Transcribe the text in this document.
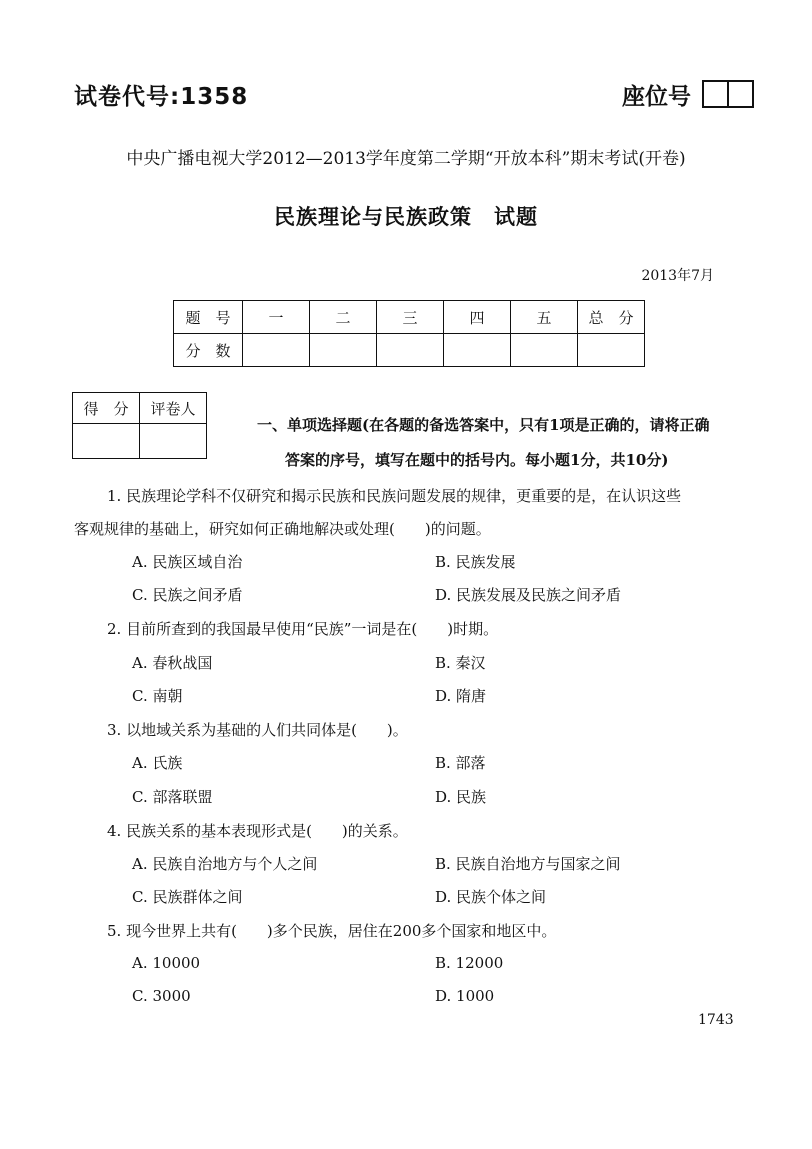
试卷代号:1358	座位号
中央广播电视大学2012—2013学年度第二学期“开放本科”期末考试(开卷)
民族理论与民族政策　试题
2013年7月
题　号	一	二	三	四	五	总　分
分　数						
得　分	评卷人

一、单项选择题(在各题的备选答案中，只有1项是正确的，请将正确
答案的序号，填写在题中的括号内。每小题1分，共10分)
1. 民族理论学科不仅研究和揭示民族和民族问题发展的规律，更重要的是，在认识这些
客观规律的基础上，研究如何正确地解决或处理(　　)的问题。
A. 民族区域自治	B. 民族发展
C. 民族之间矛盾	D. 民族发展及民族之间矛盾
2. 目前所查到的我国最早使用“民族”一词是在(　　)时期。
A. 春秋战国	B. 秦汉
C. 南朝	D. 隋唐
3. 以地域关系为基础的人们共同体是(　　)。
A. 氏族	B. 部落
C. 部落联盟	D. 民族
4. 民族关系的基本表现形式是(　　)的关系。
A. 民族自治地方与个人之间	B. 民族自治地方与国家之间
C. 民族群体之间	D. 民族个体之间
5. 现今世界上共有(　　)多个民族，居住在200多个国家和地区中。
A. 10000	B. 12000
C. 3000	D. 1000
1743
